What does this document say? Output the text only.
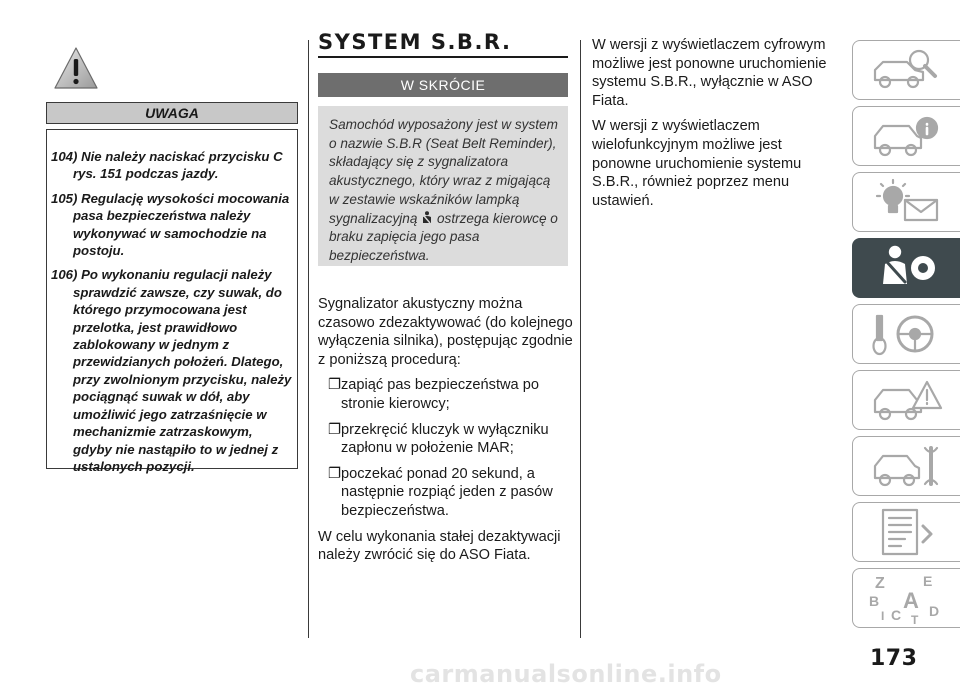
UWAGA

104) Nie należy naciskać przycisku C rys. 151 podczas jazdy.

105) Regulację wysokości mocowania pasa bezpieczeństwa należy wykonywać w samochodzie na postoju.

106) Po wykonaniu regulacji należy sprawdzić zawsze, czy suwak, do którego przymocowana jest przelotka, jest prawidłowo zablokowany w jednym z przewidzianych położeń. Dlatego, przy zwolnionym przycisku, należy pociągnąć suwak w dół, aby umożliwić jego zatrzaśnięcie w mechanizmie zatrzaskowym, gdyby nie nastąpiło to w jednej z ustalonych pozycji.

SYSTEM S.B.R.
W SKRÓCIE
Samochód wyposażony jest w system o nazwie S.B.R (Seat Belt Reminder), składający się z sygnalizatora akustycznego, który wraz z migającą w zestawie wskaźników lampką sygnalizacyjną ostrzega kierowcę o braku zapięcia jego pasa bezpieczeństwa.

Sygnalizator akustyczny można czasowo zdezaktywować (do kolejnego wyłączenia silnika), postępując zgodnie z poniższą procedurą:

❐zapiąć pas bezpieczeństwa po stronie kierowcy;

❐przekręcić kluczyk w wyłączniku zapłonu w położenie MAR;

❐poczekać ponad 20 sekund, a następnie rozpiąć jeden z pasów bezpieczeństwa.

W celu wykonania stałej dezaktywacji należy zwrócić się do ASO Fiata.

W wersji z wyświetlaczem cyfrowym możliwe jest ponowne uruchomienie systemu S.B.R., wyłącznie w ASO Fiata.

W wersji z wyświetlaczem wielofunkcyjnym możliwe jest ponowne uruchomienie systemu S.B.R., również poprzez menu ustawień.

Z	E
B A
C D
I T
carmanualsonline.info
173
